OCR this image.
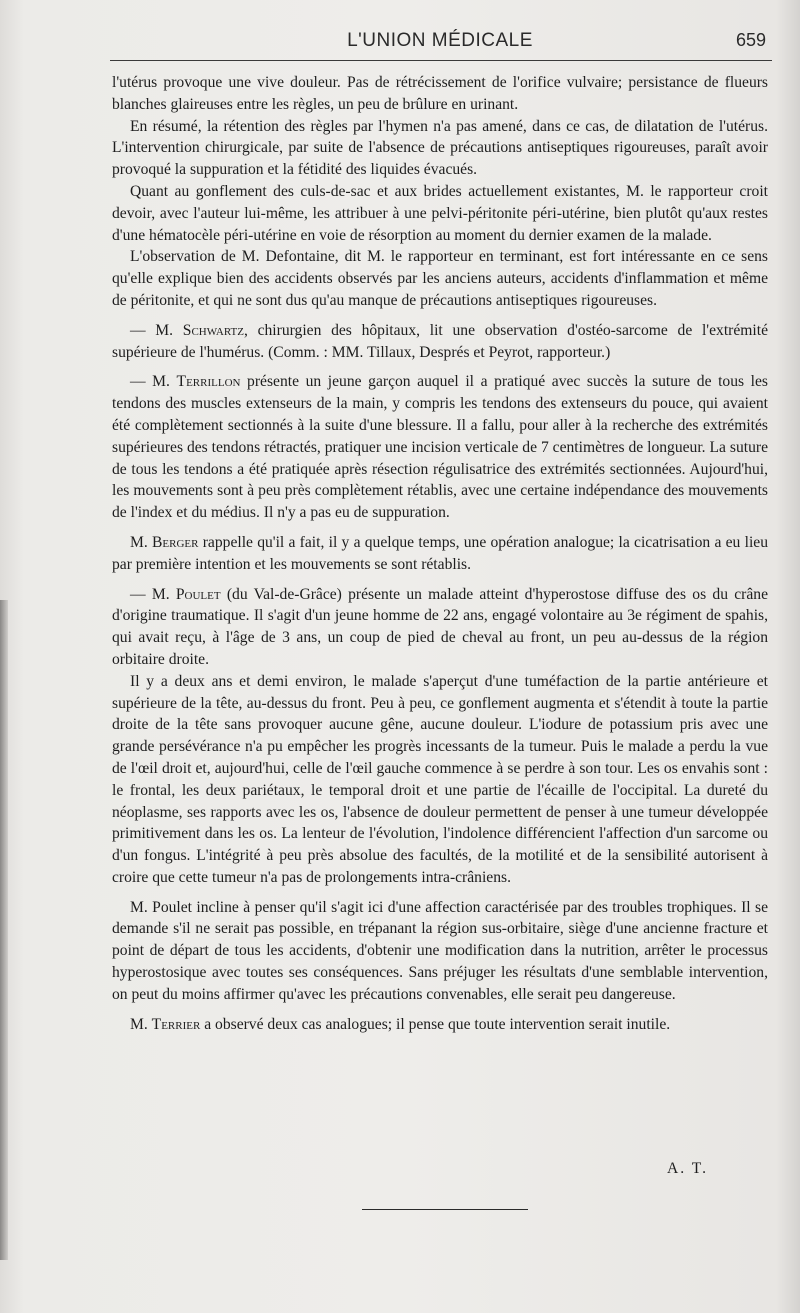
L'UNION MÉDICALE	659

l'utérus provoque une vive douleur. Pas de rétrécissement de l'orifice vulvaire; persistance de flueurs blanches glaireuses entre les règles, un peu de brûlure en urinant.

En résumé, la rétention des règles par l'hymen n'a pas amené, dans ce cas, de dilatation de l'utérus. L'intervention chirurgicale, par suite de l'absence de précautions antiseptiques rigoureuses, paraît avoir provoqué la suppuration et la fétidité des liquides évacués.

Quant au gonflement des culs-de-sac et aux brides actuellement existantes, M. le rapporteur croit devoir, avec l'auteur lui-même, les attribuer à une pelvi-péritonite péri-utérine, bien plutôt qu'aux restes d'une hématocèle péri-utérine en voie de résorption au moment du dernier examen de la malade.

L'observation de M. Defontaine, dit M. le rapporteur en terminant, est fort intéressante en ce sens qu'elle explique bien des accidents observés par les anciens auteurs, accidents d'inflammation et même de péritonite, et qui ne sont dus qu'au manque de précautions antiseptiques rigoureuses.

— M. Schwartz, chirurgien des hôpitaux, lit une observation d'ostéo-sarcome de l'extrémité supérieure de l'humérus. (Comm. : MM. Tillaux, Després et Peyrot, rapporteur.)

— M. Terrillon présente un jeune garçon auquel il a pratiqué avec succès la suture de tous les tendons des muscles extenseurs de la main, y compris les tendons des extenseurs du pouce, qui avaient été complètement sectionnés à la suite d'une blessure. Il a fallu, pour aller à la recherche des extrémités supérieures des tendons rétractés, pratiquer une incision verticale de 7 centimètres de longueur. La suture de tous les tendons a été pratiquée après résection régulisatrice des extrémités sectionnées. Aujourd'hui, les mouvements sont à peu près complètement rétablis, avec une certaine indépendance des mouvements de l'index et du médius. Il n'y a pas eu de suppuration.

M. Berger rappelle qu'il a fait, il y a quelque temps, une opération analogue; la cicatrisation a eu lieu par première intention et les mouvements se sont rétablis.

— M. Poulet (du Val-de-Grâce) présente un malade atteint d'hyperostose diffuse des os du crâne d'origine traumatique. Il s'agit d'un jeune homme de 22 ans, engagé volontaire au 3e régiment de spahis, qui avait reçu, à l'âge de 3 ans, un coup de pied de cheval au front, un peu au-dessus de la région orbitaire droite.

Il y a deux ans et demi environ, le malade s'aperçut d'une tuméfaction de la partie antérieure et supérieure de la tête, au-dessus du front. Peu à peu, ce gonflement augmenta et s'étendit à toute la partie droite de la tête sans provoquer aucune gêne, aucune douleur. L'iodure de potassium pris avec une grande persévérance n'a pu empêcher les progrès incessants de la tumeur. Puis le malade a perdu la vue de l'œil droit et, aujourd'hui, celle de l'œil gauche commence à se perdre à son tour. Les os envahis sont : le frontal, les deux pariétaux, le temporal droit et une partie de l'écaille de l'occipital. La dureté du néoplasme, ses rapports avec les os, l'absence de douleur permettent de penser à une tumeur développée primitivement dans les os. La lenteur de l'évolution, l'indolence différencient l'affection d'un sarcome ou d'un fongus. L'intégrité à peu près absolue des facultés, de la motilité et de la sensibilité autorisent à croire que cette tumeur n'a pas de prolongements intra-crâniens.

M. Poulet incline à penser qu'il s'agit ici d'une affection caractérisée par des troubles trophiques. Il se demande s'il ne serait pas possible, en trépanant la région sus-orbitaire, siège d'une ancienne fracture et point de départ de tous les accidents, d'obtenir une modification dans la nutrition, arrêter le processus hyperostosique avec toutes ses conséquences. Sans préjuger les résultats d'une semblable intervention, on peut du moins affirmer qu'avec les précautions convenables, elle serait peu dangereuse.

M. Terrier a observé deux cas analogues; il pense que toute intervention serait inutile.

A. T.
